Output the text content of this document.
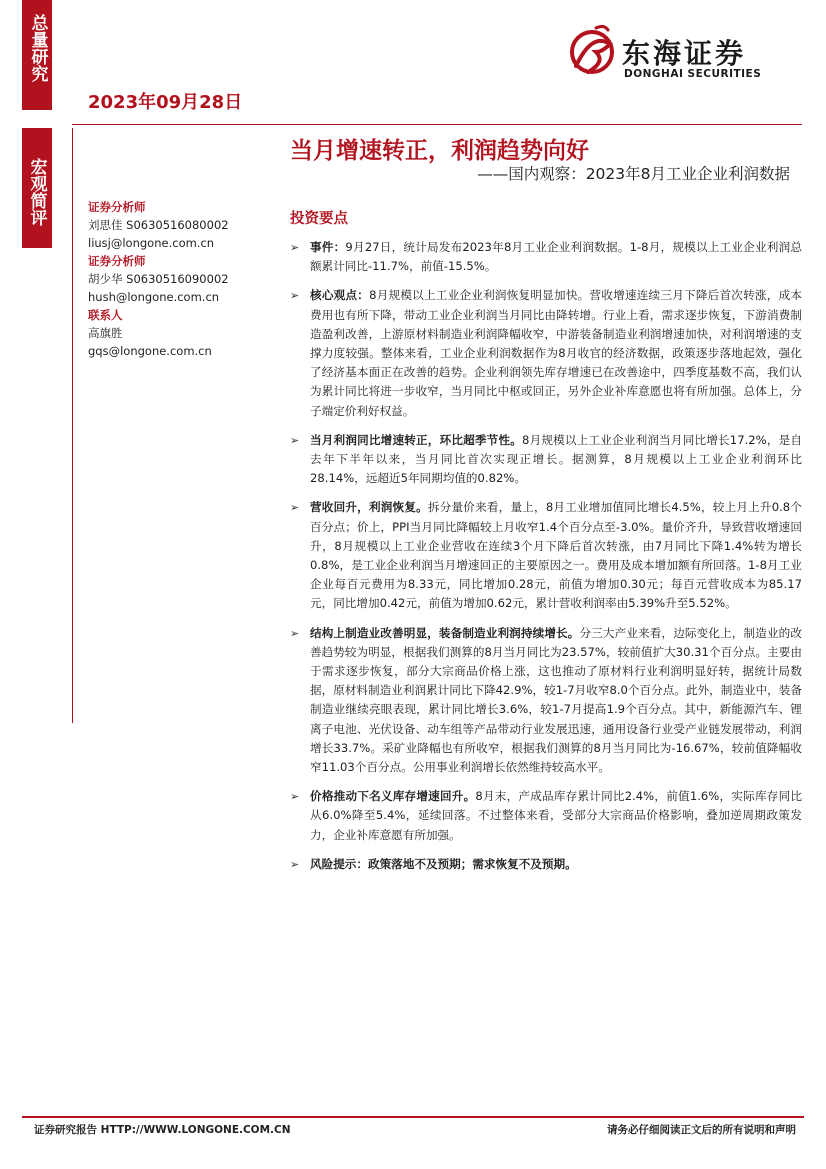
总量研究
宏观简评
2023年09月28日
东海证券
DONGHAI SECURITIES
当月增速转正，利润趋势向好
——国内观察：2023年8月工业企业利润数据
证券分析师
刘思佳 S0630516080002
liusj@longone.com.cn
证券分析师
胡少华 S0630516090002
hush@longone.com.cn
联系人
高旗胜
gqs@longone.com.cn
投资要点
➢ 事件：9月27日，统计局发布2023年8月工业企业利润数据。1-8月，规模以上工业企业利润总额累计同比-11.7%，前值-15.5%。
➢ 核心观点：8月规模以上工业企业利润恢复明显加快。营收增速连续三月下降后首次转涨，成本费用也有所下降，带动工业企业利润当月同比由降转增。行业上看，需求逐步恢复，下游消费制造盈利改善，上游原材料制造业利润降幅收窄，中游装备制造业利润增速加快，对利润增速的支撑力度较强。整体来看，工业企业利润数据作为8月收官的经济数据，政策逐步落地起效，强化了经济基本面正在改善的趋势。企业利润领先库存增速已在改善途中，四季度基数不高，我们认为累计同比将进一步收窄，当月同比中枢或回正，另外企业补库意愿也将有所加强。总体上，分子端定价利好权益。
➢ 当月利润同比增速转正，环比超季节性。8月规模以上工业企业利润当月同比增长17.2%，是自去年下半年以来，当月同比首次实现正增长。据测算，8月规模以上工业企业利润环比28.14%，远超近5年同期均值的0.82%。
➢ 营收回升，利润恢复。拆分量价来看，量上，8月工业增加值同比增长4.5%，较上月上升0.8个百分点；价上，PPI当月同比降幅较上月收窄1.4个百分点至-3.0%。量价齐升，导致营收增速回升，8月规模以上工业企业营收在连续3个月下降后首次转涨，由7月同比下降1.4%转为增长0.8%，是工业企业利润当月增速回正的主要原因之一。费用及成本增加额有所回落。1-8月工业企业每百元费用为8.33元，同比增加0.28元，前值为增加0.30元；每百元营收成本为85.17元，同比增加0.42元，前值为增加0.62元，累计营收利润率由5.39%升至5.52%。
➢ 结构上制造业改善明显，装备制造业利润持续增长。分三大产业来看，边际变化上，制造业的改善趋势较为明显，根据我们测算的8月当月同比为23.57%，较前值扩大30.31个百分点。主要由于需求逐步恢复，部分大宗商品价格上涨，这也推动了原材料行业利润明显好转，据统计局数据，原材料制造业利润累计同比下降42.9%，较1-7月收窄8.0个百分点。此外，制造业中，装备制造业继续亮眼表现，累计同比增长3.6%，较1-7月提高1.9个百分点。其中，新能源汽车、锂离子电池、光伏设备、动车组等产品带动行业发展迅速，通用设备行业受产业链发展带动，利润增长33.7%。采矿业降幅也有所收窄，根据我们测算的8月当月同比为-16.67%，较前值降幅收窄11.03个百分点。公用事业利润增长依然维持较高水平。
➢ 价格推动下名义库存增速回升。8月末，产成品库存累计同比2.4%，前值1.6%，实际库存同比从6.0%降至5.4%，延续回落。不过整体来看，受部分大宗商品价格影响，叠加逆周期政策发力，企业补库意愿有所加强。
➢ 风险提示：政策落地不及预期；需求恢复不及预期。
证券研究报告 HTTP://WWW.LONGONE.COM.CN	请务必仔细阅读正文后的所有说明和声明
